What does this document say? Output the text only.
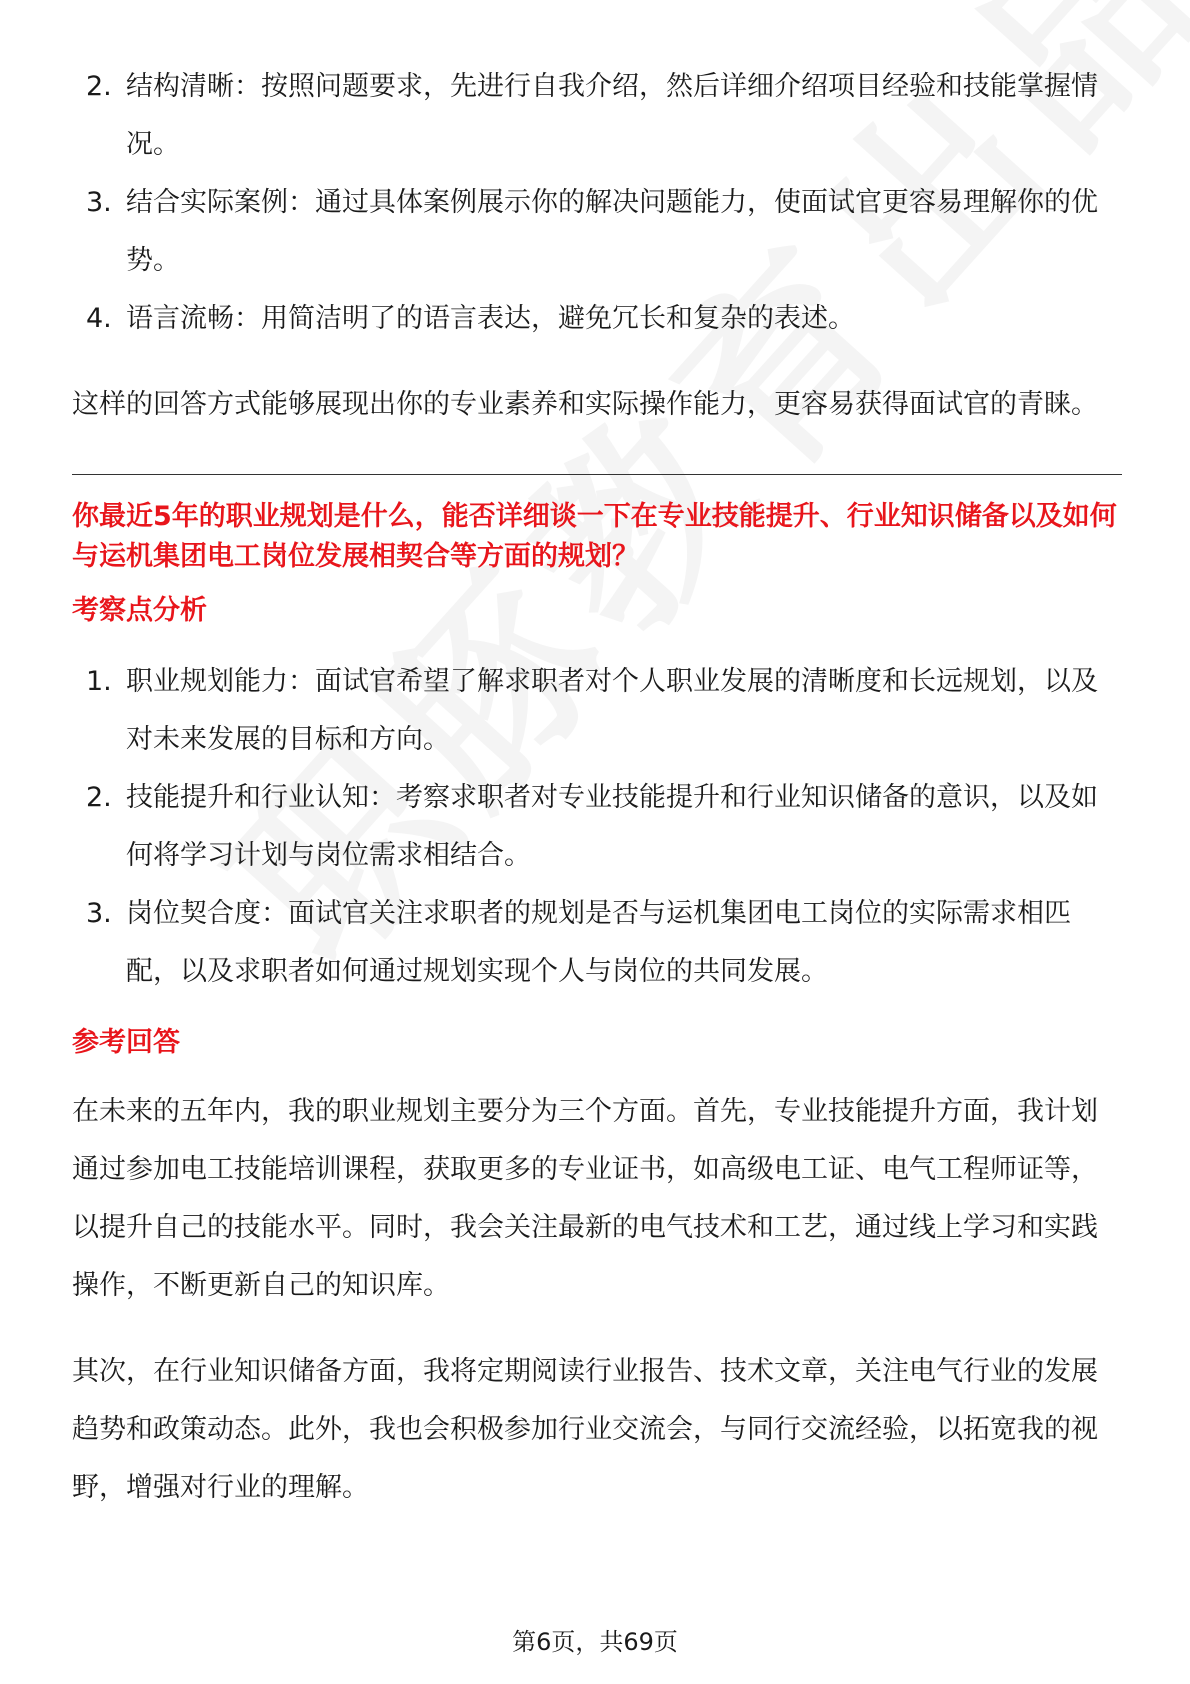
2. 结构清晰：按照问题要求，先进行自我介绍，然后详细介绍项目经验和技能掌握情况。
3. 结合实际案例：通过具体案例展示你的解决问题能力，使面试官更容易理解你的优势。
4. 语言流畅：用简洁明了的语言表达，避免冗长和复杂的表述。

这样的回答方式能够展现出你的专业素养和实际操作能力，更容易获得面试官的青睐。

你最近5年的职业规划是什么，能否详细谈一下在专业技能提升、行业知识储备以及如何与运机集团电工岗位发展相契合等方面的规划？

考察点分析

1. 职业规划能力：面试官希望了解求职者对个人职业发展的清晰度和长远规划，以及对未来发展的目标和方向。
2. 技能提升和行业认知：考察求职者对专业技能提升和行业知识储备的意识，以及如何将学习计划与岗位需求相结合。
3. 岗位契合度：面试官关注求职者的规划是否与运机集团电工岗位的实际需求相匹配，以及求职者如何通过规划实现个人与岗位的共同发展。

参考回答

在未来的五年内，我的职业规划主要分为三个方面。首先，专业技能提升方面，我计划通过参加电工技能培训课程，获取更多的专业证书，如高级电工证、电气工程师证等，以提升自己的技能水平。同时，我会关注最新的电气技术和工艺，通过线上学习和实践操作，不断更新自己的知识库。

其次，在行业知识储备方面，我将定期阅读行业报告、技术文章，关注电气行业的发展趋势和政策动态。此外，我也会积极参加行业交流会，与同行交流经验，以拓宽我的视野，增强对行业的理解。

第6页，共69页
